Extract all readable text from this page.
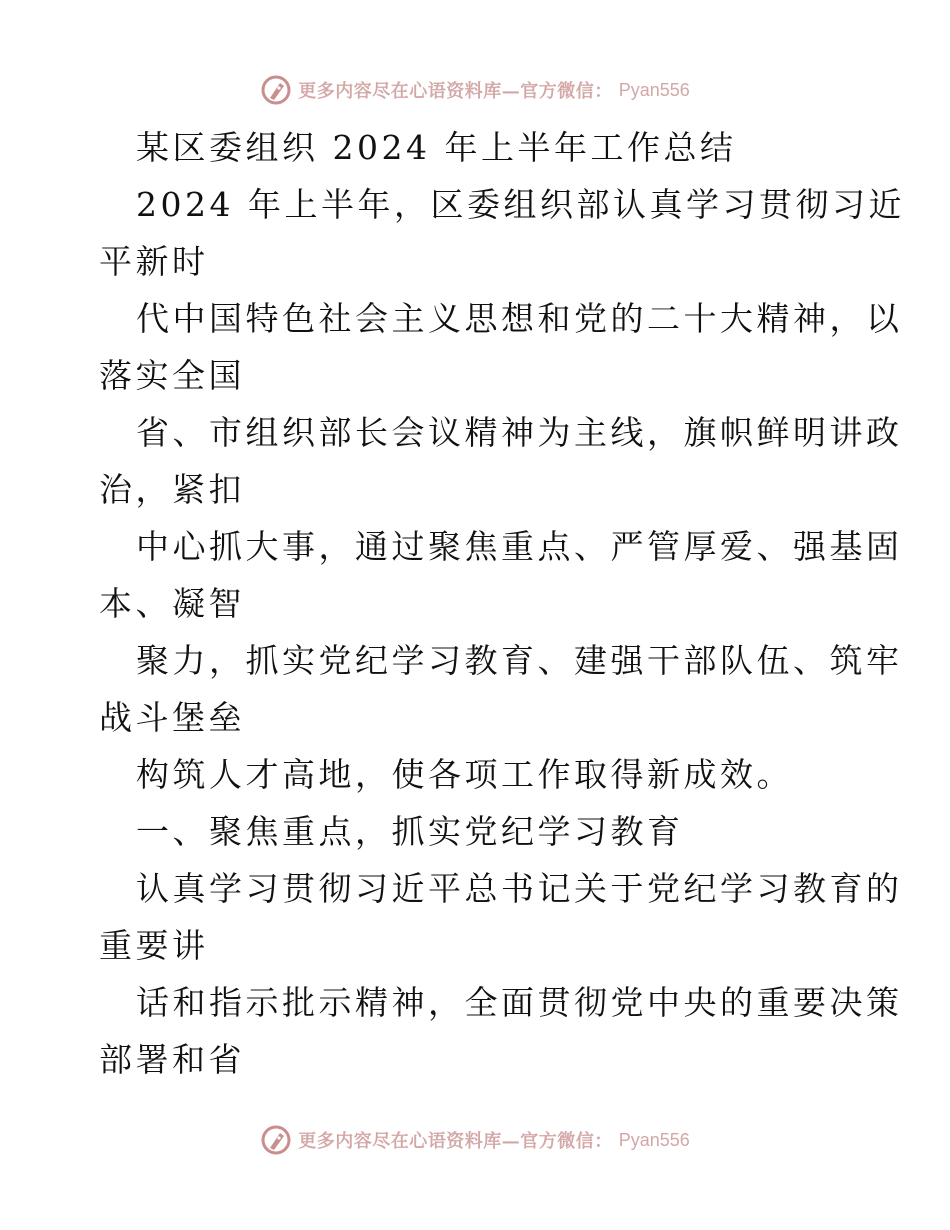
更多内容尽在心语资料库—官方微信： Pyan556
某区委组织 2024 年上半年工作总结
2024 年上半年，区委组织部认真学习贯彻习近
平新时
代中国特色社会主义思想和党的二十大精神，以
落实全国
省、市组织部长会议精神为主线，旗帜鲜明讲政
治，紧扣
中心抓大事，通过聚焦重点、严管厚爱、强基固
本、凝智
聚力，抓实党纪学习教育、建强干部队伍、筑牢
战斗堡垒
构筑人才高地，使各项工作取得新成效。
一、聚焦重点，抓实党纪学习教育
认真学习贯彻习近平总书记关于党纪学习教育的
重要讲
话和指示批示精神，全面贯彻党中央的重要决策
部署和省
更多内容尽在心语资料库—官方微信： Pyan556
